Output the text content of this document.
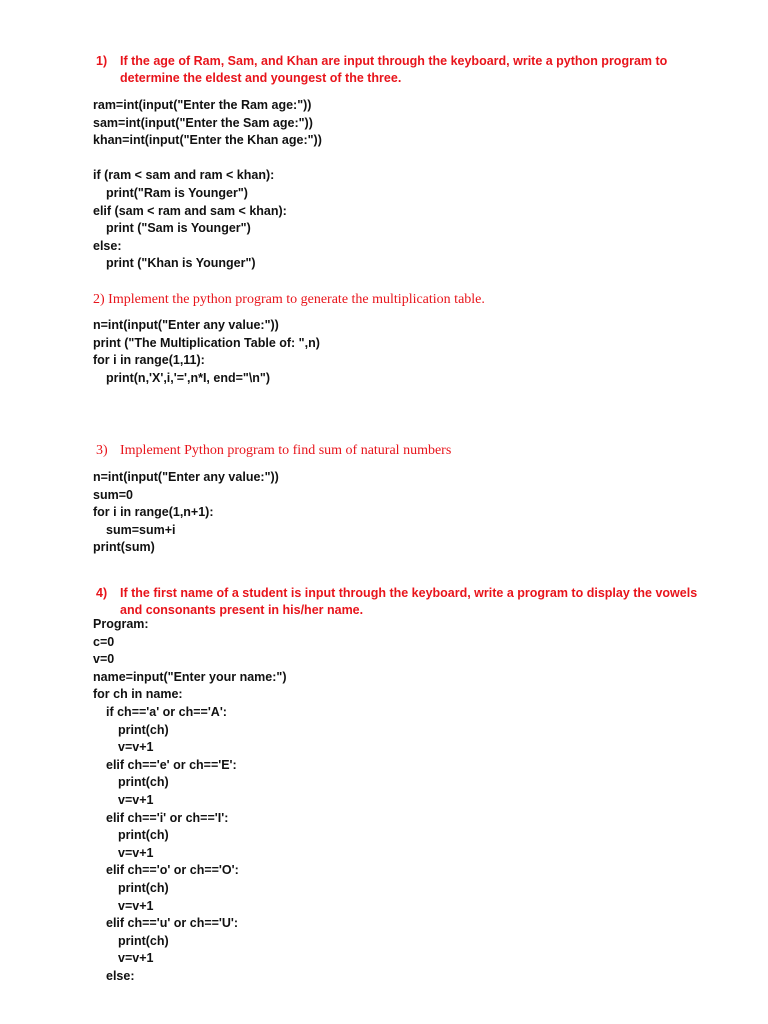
1) If the age of Ram, Sam, and Khan are input through the keyboard, write a python program to determine the eldest and youngest of the three.
ram=int(input("Enter the Ram age:"))
sam=int(input("Enter the Sam age:"))
khan=int(input("Enter the Khan age:"))
if (ram < sam and ram < khan):
print("Ram is Younger")
elif (sam < ram and sam < khan):
print ("Sam is Younger")
else:
print ("Khan is Younger")
2) Implement the python program to generate the multiplication table.
n=int(input("Enter any value:"))
print ("The Multiplication Table of: ",n)
for i in range(1,11):
print(n,'X',i,'=',n*I, end="\n")
3) Implement Python program to find sum of natural numbers
n=int(input("Enter any value:"))
sum=0
for i in range(1,n+1):
sum=sum+i
print(sum)
4) If the first name of a student is input through the keyboard, write a program to display the vowels and consonants present in his/her name.
Program:
c=0
v=0
name=input("Enter your name:")
for ch in name:
if ch=='a' or ch=='A':
print(ch)
v=v+1
elif ch=='e' or ch=='E':
print(ch)
v=v+1
elif ch=='i' or ch=='I':
print(ch)
v=v+1
elif ch=='o' or ch=='O':
print(ch)
v=v+1
elif ch=='u' or ch=='U':
print(ch)
v=v+1
else:
